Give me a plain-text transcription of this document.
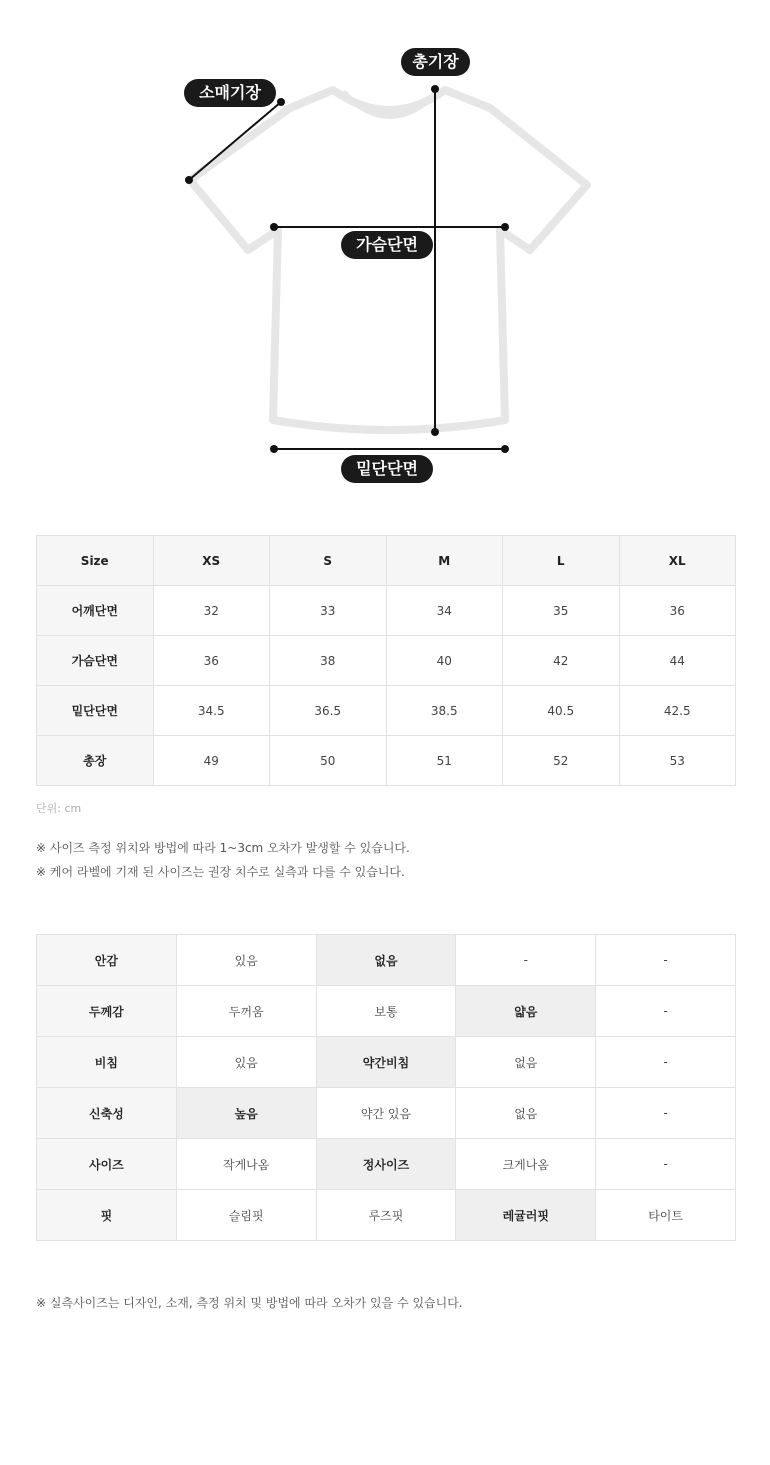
소매기장
총기장
가슴단면
밑단단면
Size	XS	S	M	L	XL
어깨단면	32	33	34	35	36
가슴단면	36	38	40	42	44
밑단단면	34.5	36.5	38.5	40.5	42.5
총장	49	50	51	52	53
단위: cm
※ 사이즈 측정 위치와 방법에 따라 1~3cm 오차가 발생할 수 있습니다.
※ 케어 라벨에 기재 된 사이즈는 권장 치수로 실측과 다를 수 있습니다.
안감	있음	없음	-	-
두께감	두꺼움	보통	얇음	-
비침	있음	약간비침	없음	-
신축성	높음	약간 있음	없음	-
사이즈	작게나옴	정사이즈	크게나옴	-
핏	슬림핏	루즈핏	레귤러핏	타이트
※ 실측사이즈는 디자인, 소재, 측정 위치 및 방법에 따라 오차가 있을 수 있습니다.
